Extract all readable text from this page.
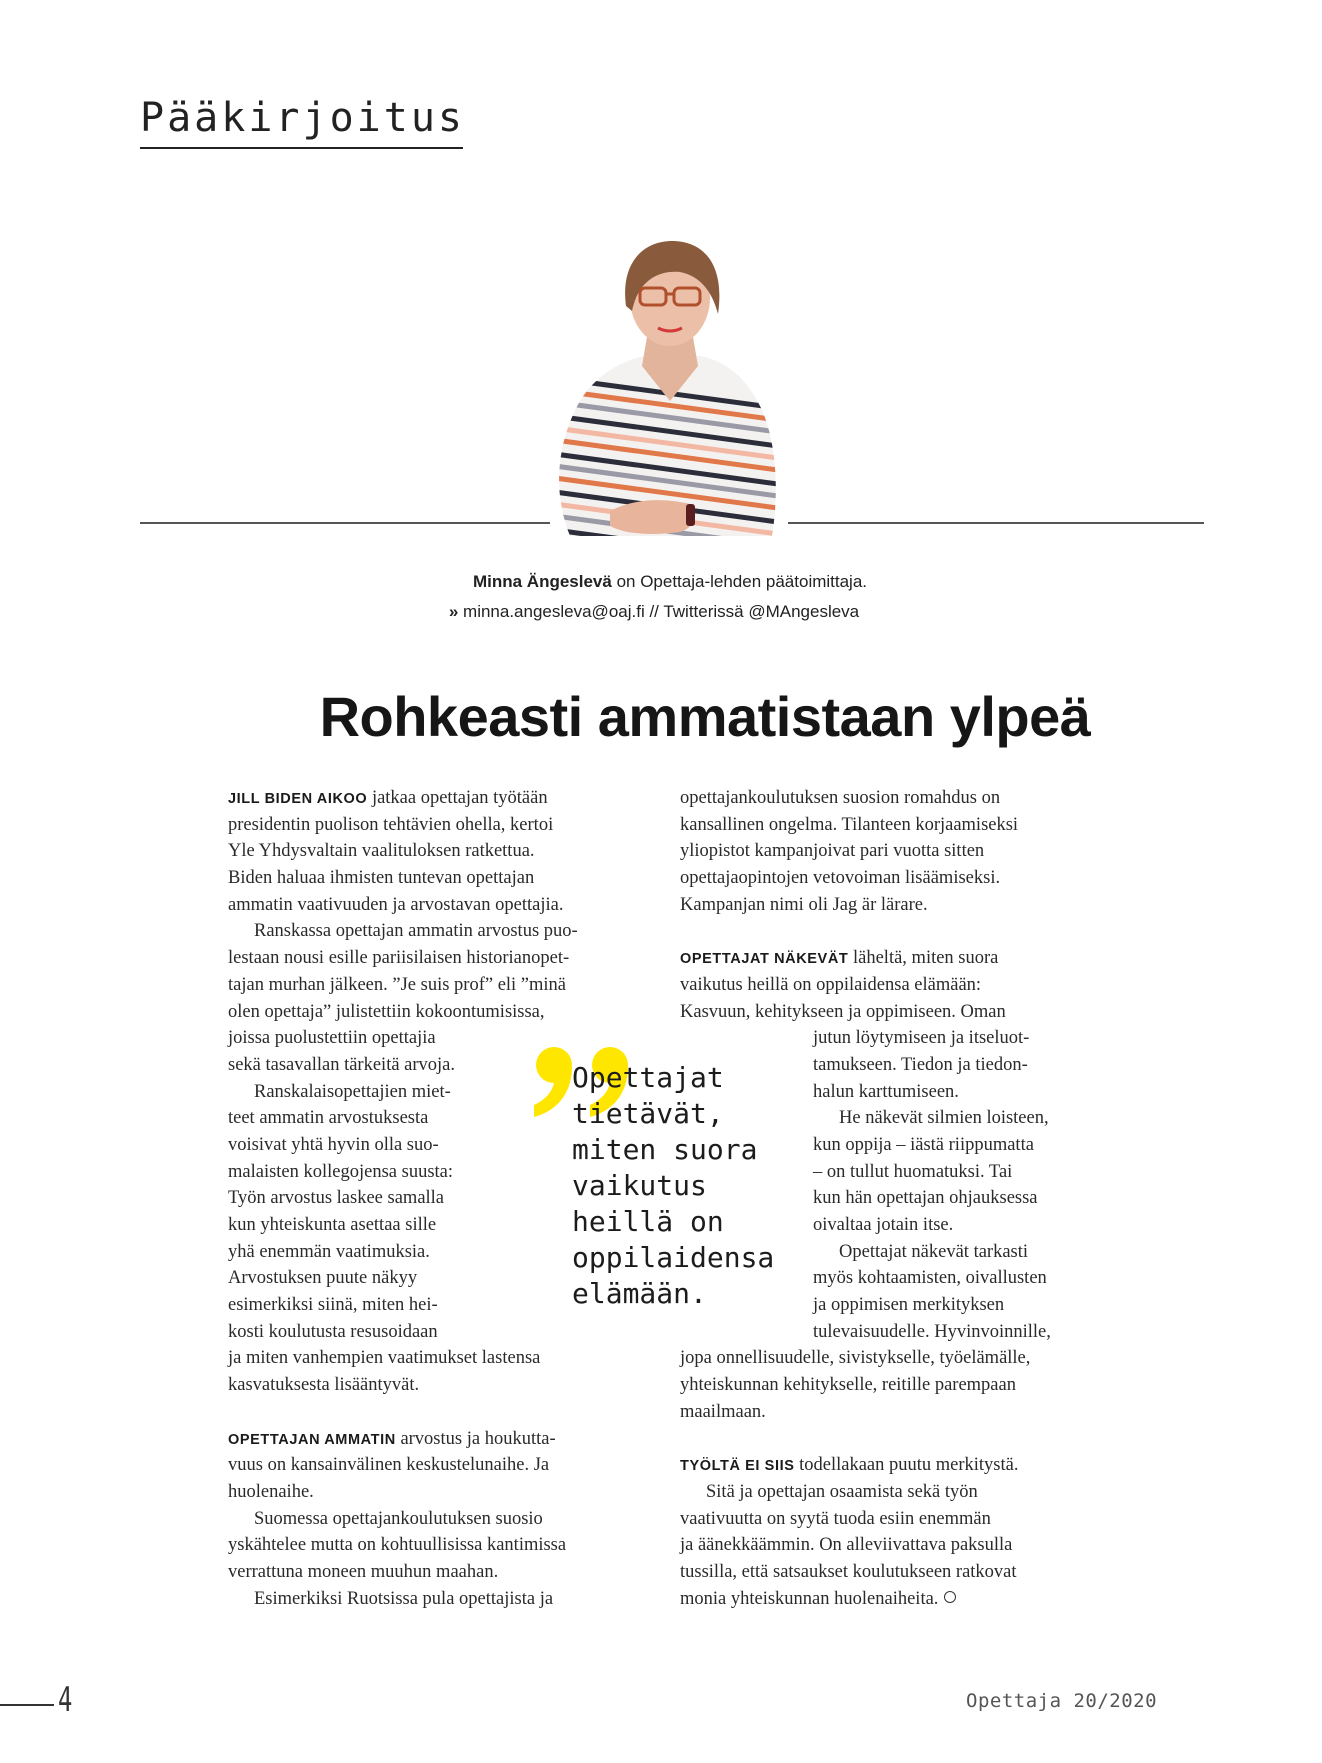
Pääkirjoitus
Minna Ängeslevä on Opettaja-lehden päätoimittaja.
» minna.angesleva@oaj.fi // Twitterissä @MAngesleva
Rohkeasti ammatistaan ylpeä
JILL BIDEN AIKOO jatkaa opettajan työtään
presidentin puolison tehtävien ohella, kertoi
Yle Yhdysvaltain vaalituloksen ratkettua.
Biden haluaa ihmisten tuntevan opettajan
ammatin vaativuuden ja arvostavan opettajia.
Ranskassa opettajan ammatin arvostus puo-
lestaan nousi esille pariisilaisen historianopet-
tajan murhan jälkeen. ”Je suis prof” eli ”minä
olen opettaja” julistettiin kokoontumisissa,
joissa puolustettiin opettajia
sekä tasavallan tärkeitä arvoja.
Ranskalaisopettajien miet-
teet ammatin arvostuksesta
voisivat yhtä hyvin olla suo-
malaisten kollegojensa suusta:
Työn arvostus laskee samalla
kun yhteiskunta asettaa sille
yhä enemmän vaatimuksia.
Arvostuksen puute näkyy
esimerkiksi siinä, miten hei-
kosti koulutusta resusoidaan
ja miten vanhempien vaatimukset lastensa
kasvatuksesta lisääntyvät.
OPETTAJAN AMMATIN arvostus ja houkutta-
vuus on kansainvälinen keskustelunaihe. Ja
huolenaihe.
Suomessa opettajankoulutuksen suosio
yskähtelee mutta on kohtuullisissa kantimissa
verrattuna moneen muuhun maahan.
Esimerkiksi Ruotsissa pula opettajista ja
opettajankoulutuksen suosion romahdus on
kansallinen ongelma. Tilanteen korjaamiseksi
yliopistot kampanjoivat pari vuotta sitten
opettajaopintojen vetovoiman lisäämiseksi.
Kampanjan nimi oli Jag är lärare.
OPETTAJAT NÄKEVÄT läheltä, miten suora
vaikutus heillä on oppilaidensa elämään:
Kasvuun, kehitykseen ja oppimiseen. Oman
jutun löytymiseen ja itseluot-
tamukseen. Tiedon ja tiedon-
halun karttumiseen.
He näkevät silmien loisteen,
kun oppija – iästä riippumatta
– on tullut huomatuksi. Tai
kun hän opettajan ohjauksessa
oivaltaa jotain itse.
Opettajat näkevät tarkasti
myös kohtaamisten, oivallusten
ja oppimisen merkityksen
tulevaisuudelle. Hyvinvoinnille,
jopa onnellisuudelle, sivistykselle, työelämälle,
yhteiskunnan kehitykselle, reitille parempaan
maailmaan.
TYÖLTÄ EI SIIS todellakaan puutu merkitystä.
Sitä ja opettajan osaamista sekä työn
vaativuutta on syytä tuoda esiin enemmän
ja äänekkäämmin. On alleviivattava paksulla
tussilla, että satsaukset koulutukseen ratkovat
monia yhteiskunnan huolenaiheita.
Opettajat
tietävät,
miten suora
vaikutus
heillä on
oppilaidensa
elämään.
4	Opettaja 20/2020
